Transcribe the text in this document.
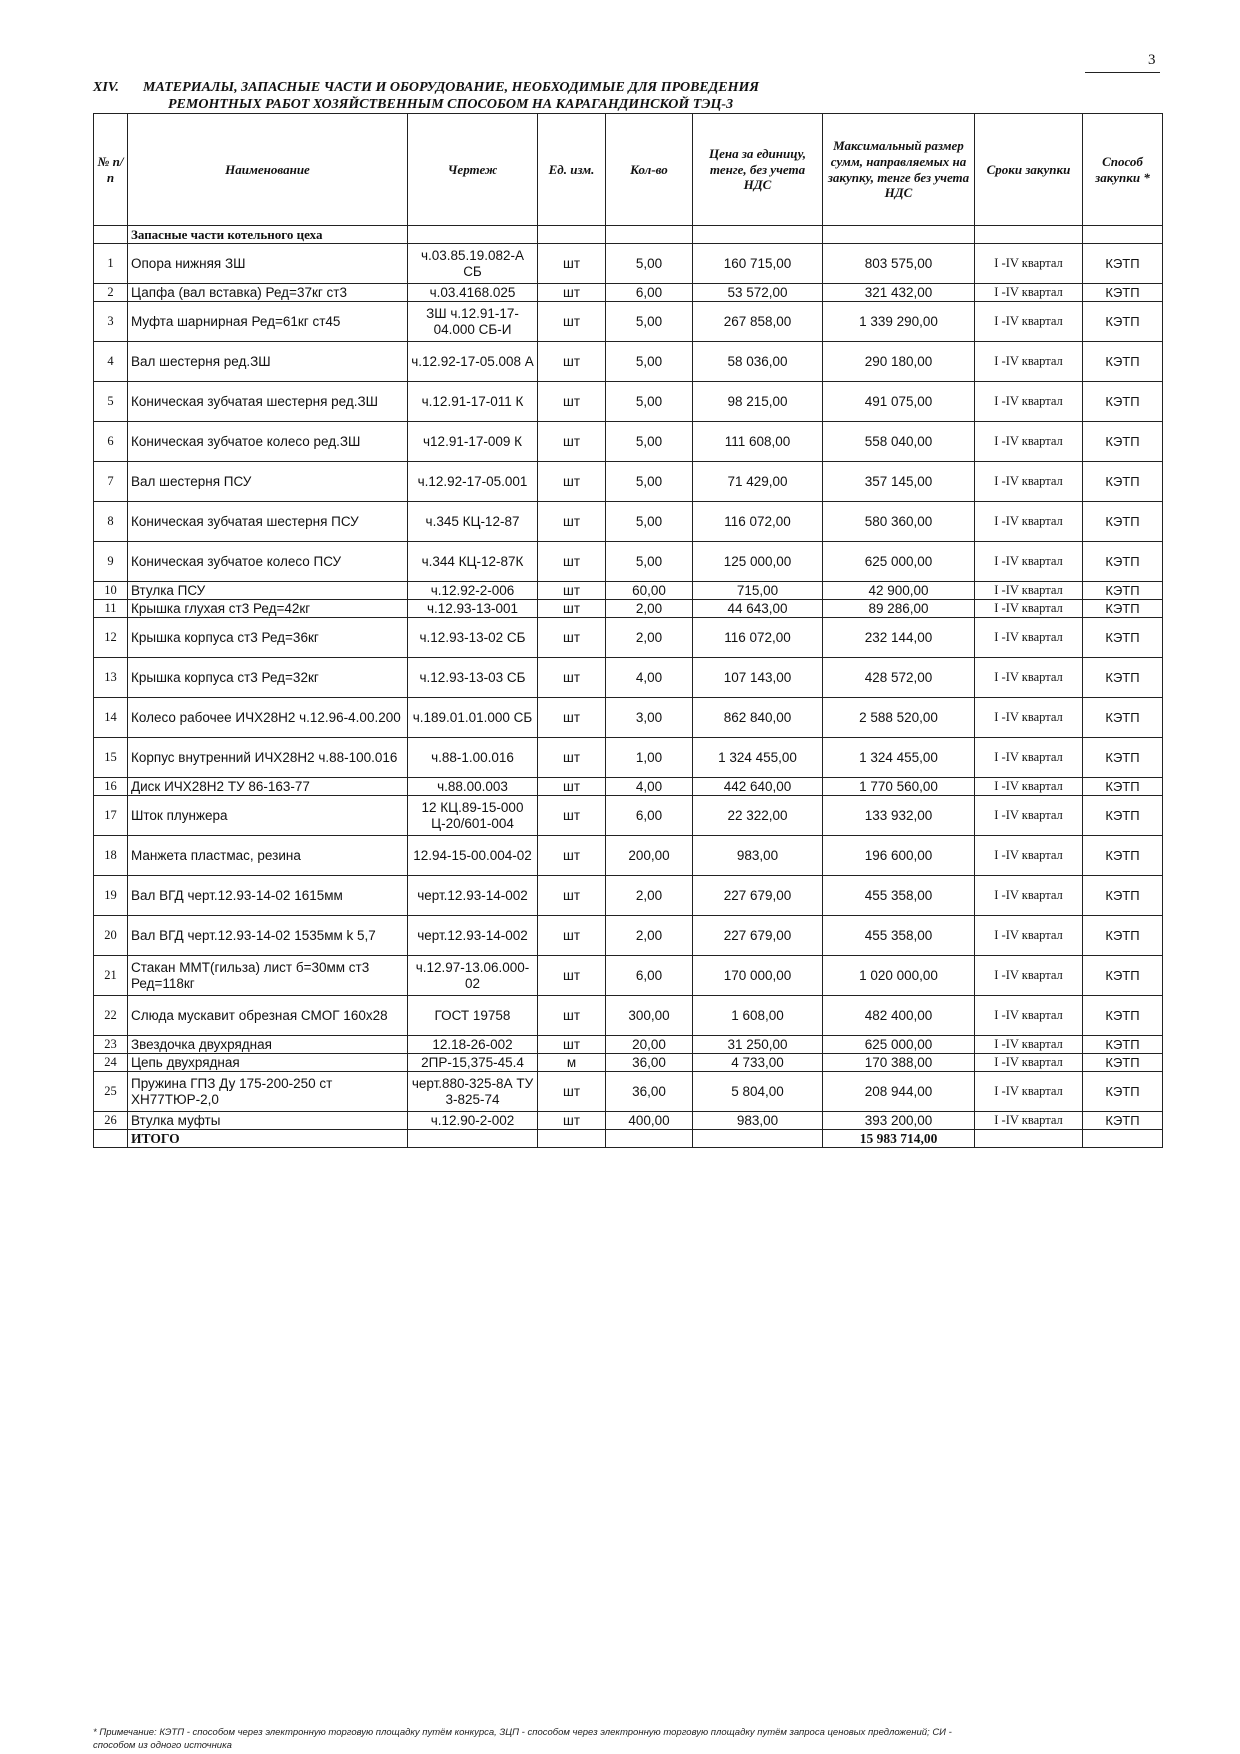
3
XIV. МАТЕРИАЛЫ, ЗАПАСНЫЕ ЧАСТИ И ОБОРУДОВАНИЕ, НЕОБХОДИМЫЕ ДЛЯ ПРОВЕДЕНИЯ
РЕМОНТНЫХ РАБОТ ХОЗЯЙСТВЕННЫМ СПОСОБОМ НА КАРАГАНДИНСКОЙ ТЭЦ-3
№ п/п	Наименование	Чертеж	Ед. изм.	Кол-во	Цена за единицу, тенге, без учета НДС	Максимальный размер сумм, направляемых на закупку, тенге без учета НДС	Сроки закупки	Способ закупки *
	Запасные части котельного цеха							
1	Опора нижняя ЗШ	ч.03.85.19.082-А СБ	шт	5,00	160 715,00	803 575,00	I -IV квартал	КЭТП
2	Цапфа (вал вставка) Ред=37кг ст3	ч.03.4168.025	шт	6,00	53 572,00	321 432,00	I -IV квартал	КЭТП
3	Муфта шарнирная Ред=61кг ст45	ЗШ ч.12.91-17-04.000 СБ-И	шт	5,00	267 858,00	1 339 290,00	I -IV квартал	КЭТП
4	Вал шестерня ред.ЗШ	ч.12.92-17-05.008 А	шт	5,00	58 036,00	290 180,00	I -IV квартал	КЭТП
5	Коническая зубчатая шестерня ред.ЗШ	ч.12.91-17-011 К	шт	5,00	98 215,00	491 075,00	I -IV квартал	КЭТП
6	Коническая зубчатое колесо ред.ЗШ	ч12.91-17-009 К	шт	5,00	111 608,00	558 040,00	I -IV квартал	КЭТП
7	Вал шестерня ПСУ	ч.12.92-17-05.001	шт	5,00	71 429,00	357 145,00	I -IV квартал	КЭТП
8	Коническая зубчатая шестерня ПСУ	ч.345 КЦ-12-87	шт	5,00	116 072,00	580 360,00	I -IV квартал	КЭТП
9	Коническая зубчатое колесо ПСУ	ч.344 КЦ-12-87К	шт	5,00	125 000,00	625 000,00	I -IV квартал	КЭТП
10	Втулка ПСУ	ч.12.92-2-006	шт	60,00	715,00	42 900,00	I -IV квартал	КЭТП
11	Крышка глухая ст3 Ред=42кг	ч.12.93-13-001	шт	2,00	44 643,00	89 286,00	I -IV квартал	КЭТП
12	Крышка корпуса ст3 Ред=36кг	ч.12.93-13-02 СБ	шт	2,00	116 072,00	232 144,00	I -IV квартал	КЭТП
13	Крышка корпуса ст3 Ред=32кг	ч.12.93-13-03 СБ	шт	4,00	107 143,00	428 572,00	I -IV квартал	КЭТП
14	Колесо рабочее ИЧХ28Н2 ч.12.96-4.00.200	ч.189.01.01.000 СБ	шт	3,00	862 840,00	2 588 520,00	I -IV квартал	КЭТП
15	Корпус внутренний ИЧХ28Н2 ч.88-100.016	ч.88-1.00.016	шт	1,00	1 324 455,00	1 324 455,00	I -IV квартал	КЭТП
16	Диск ИЧХ28Н2 ТУ 86-163-77	ч.88.00.003	шт	4,00	442 640,00	1 770 560,00	I -IV квартал	КЭТП
17	Шток плунжера	12 КЦ.89-15-000 Ц-20/601-004	шт	6,00	22 322,00	133 932,00	I -IV квартал	КЭТП
18	Манжета пластмас, резина	12.94-15-00.004-02	шт	200,00	983,00	196 600,00	I -IV квартал	КЭТП
19	Вал ВГД черт.12.93-14-02 1615мм	черт.12.93-14-002	шт	2,00	227 679,00	455 358,00	I -IV квартал	КЭТП
20	Вал ВГД черт.12.93-14-02 1535мм k 5,7	черт.12.93-14-002	шт	2,00	227 679,00	455 358,00	I -IV квартал	КЭТП
21	Стакан ММТ(гильза) лист б=30мм ст3 Ред=118кг	ч.12.97-13.06.000-02	шт	6,00	170 000,00	1 020 000,00	I -IV квартал	КЭТП
22	Слюда мускавит обрезная СМОГ 160х28	ГОСТ 19758	шт	300,00	1 608,00	482 400,00	I -IV квартал	КЭТП
23	Звездочка двухрядная	12.18-26-002	шт	20,00	31 250,00	625 000,00	I -IV квартал	КЭТП
24	Цепь двухрядная	2ПР-15,375-45.4	м	36,00	4 733,00	170 388,00	I -IV квартал	КЭТП
25	Пружина ГПЗ Ду 175-200-250 ст ХН77ТЮР-2,0	черт.880-325-8А ТУ 3-825-74	шт	36,00	5 804,00	208 944,00	I -IV квартал	КЭТП
26	Втулка муфты	ч.12.90-2-002	шт	400,00	983,00	393 200,00	I -IV квартал	КЭТП
	ИТОГО					15 983 714,00		
* Примечание: КЭТП - способом через электронную торговую площадку путём конкурса, ЗЦП - способом через электронную торговую площадку путём запроса ценовых предложений; СИ -
способом из одного источника
